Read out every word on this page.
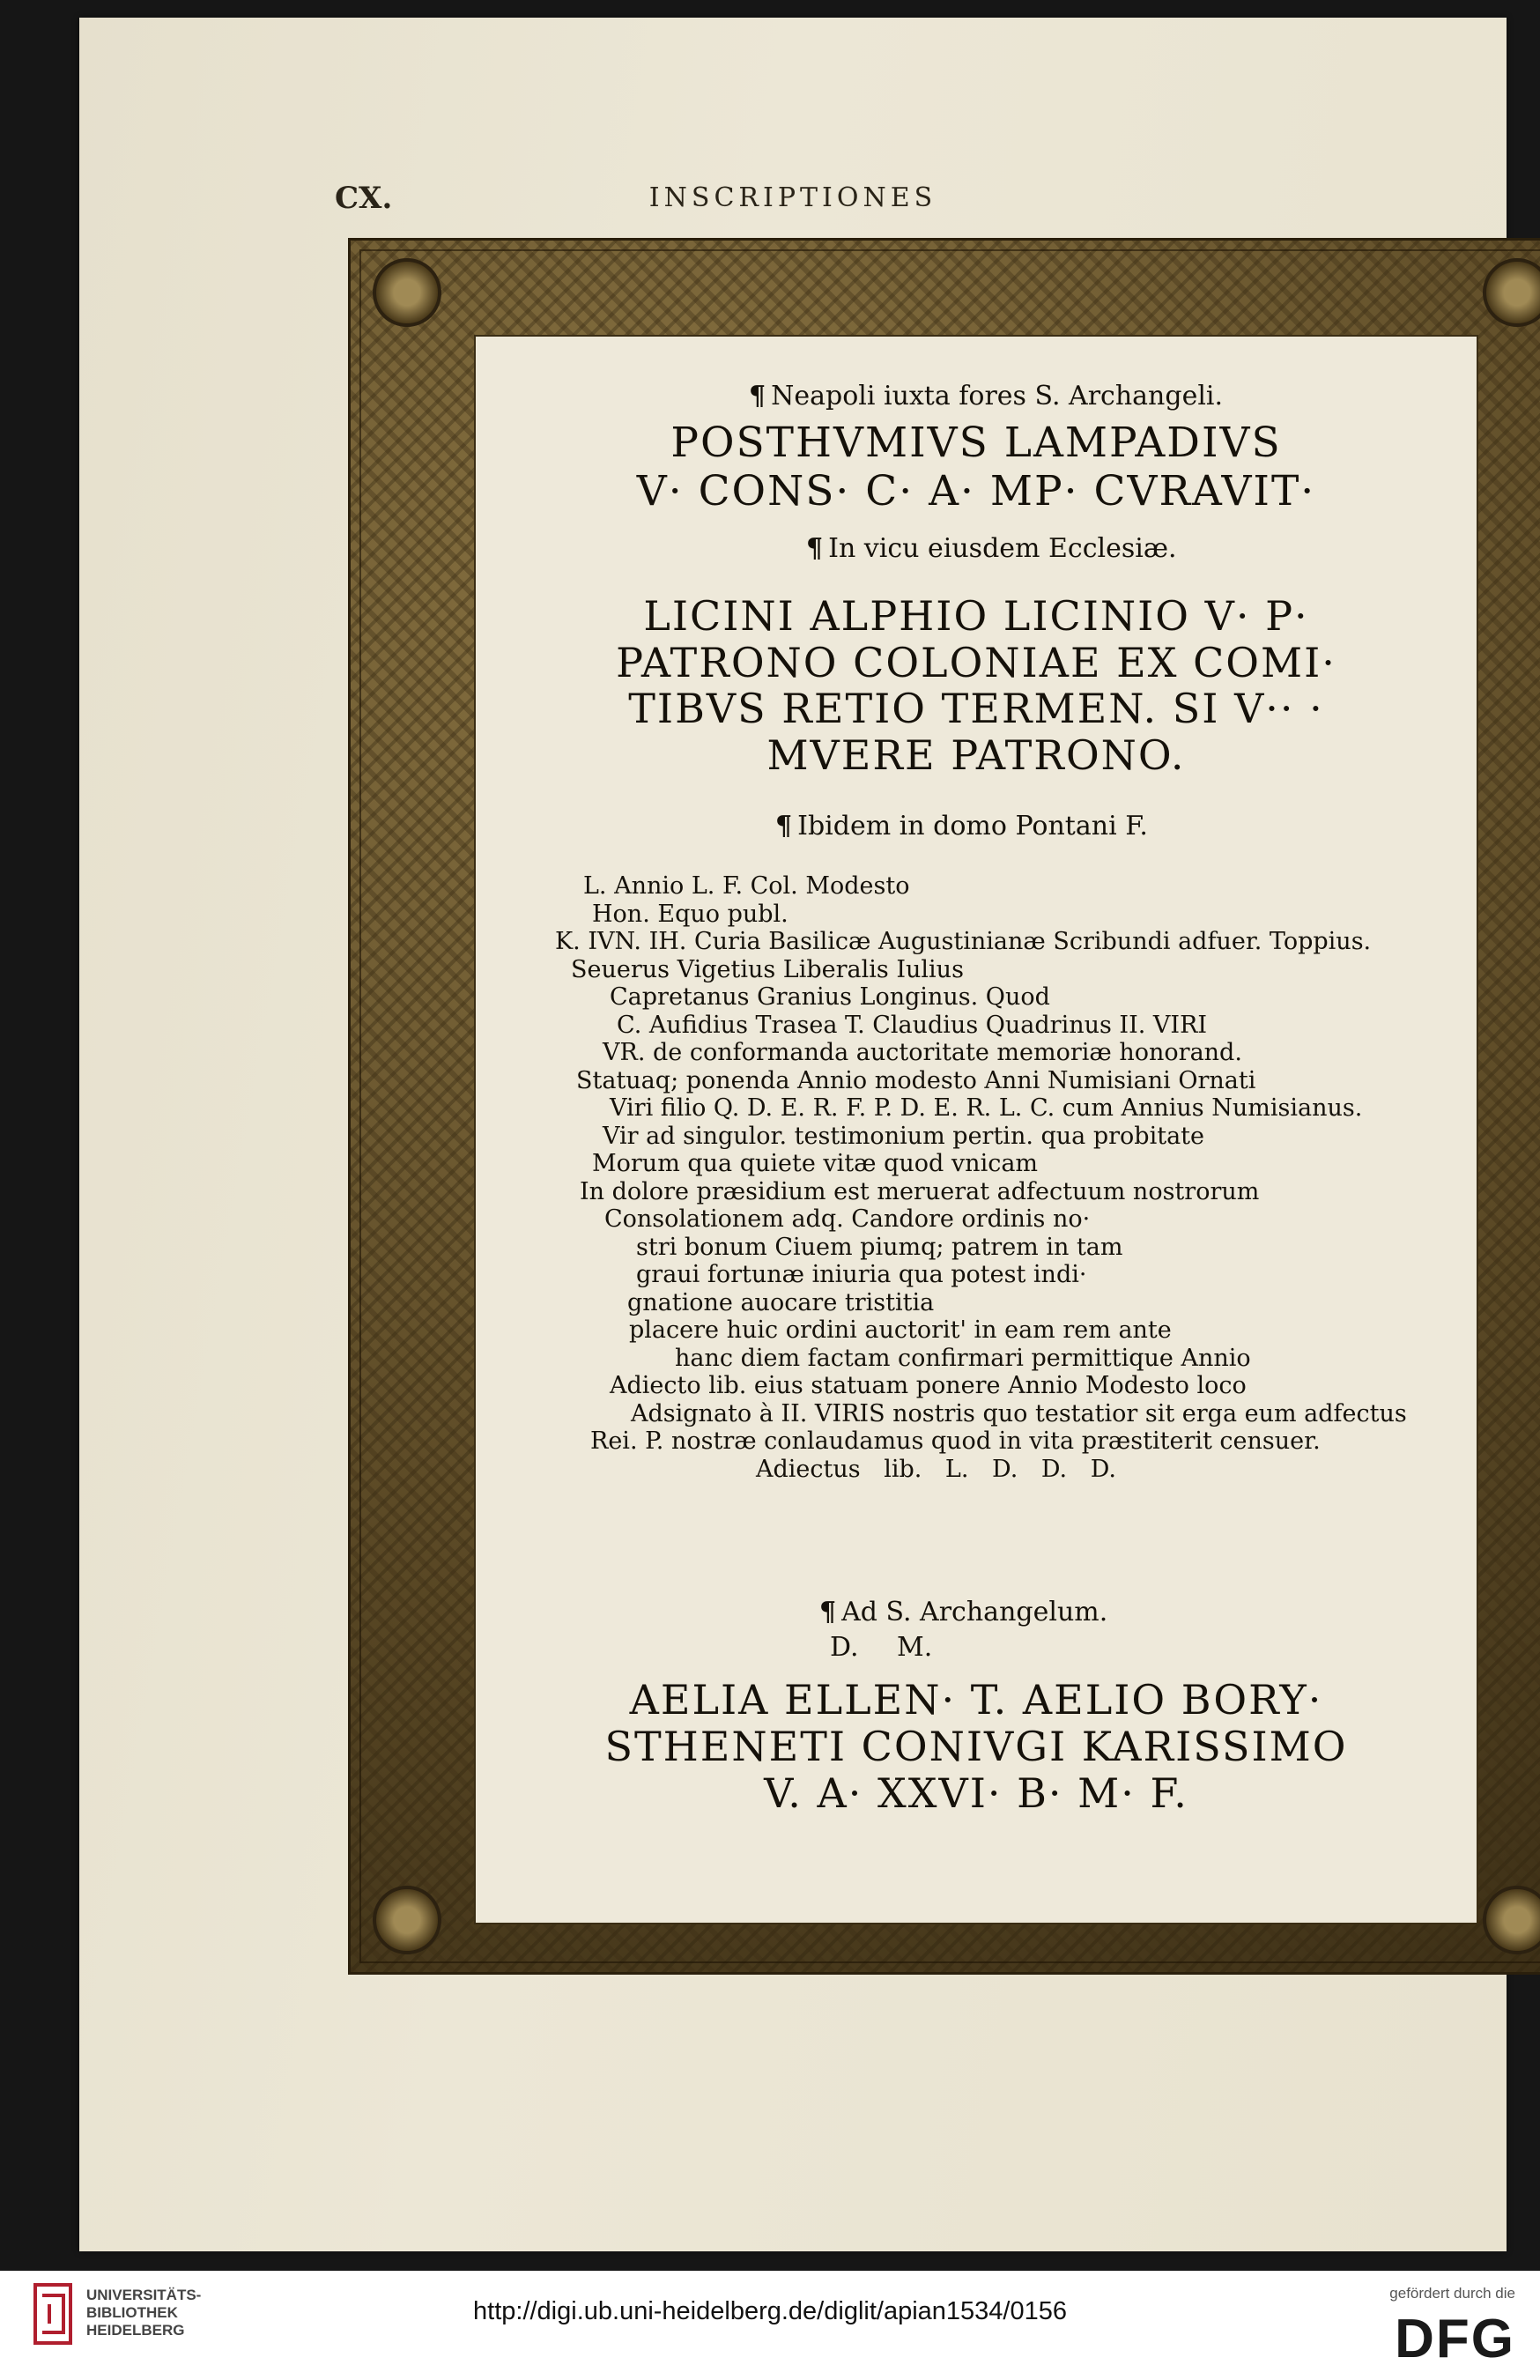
CX.	INSCRIPTIONES
¶ Neapoli iuxta fores S. Archangeli.
POSTHVMIVS LAMPADIVS
V· CONS· C· A· MP· CVRAVIT·
¶ In vicu eiusdem Ecclesiæ.
LICINI ALPHIO LICINIO V· P·
PATRONO COLONIAE EX COMI·
TIBVS RETIO TERMEN. SI V·· ·
MVERE PATRONO.
¶ Ibidem in domo Pontani F.
L. Annio L. F. Col. Modesto
Hon. Equo publ.
K. IVN. IH. Curia Basilicæ Augustinianæ Scribundi adfuer. Toppius.
Seuerus Vigetius Liberalis Iulius
Capretanus Granius Longinus. Quod
C. Aufidius Trasea T. Claudius Quadrinus II. VIRI
VR. de conformanda auctoritate memoriæ honorand.
Statuaq; ponenda Annio modesto Anni Numisiani Ornati
Viri filio Q. D. E. R. F. P. D. E. R. L. C. cum Annius Numisianus.
Vir ad singulor. testimonium pertin. qua probitate
Morum qua quiete vitæ quod vnicam
In dolore præsidium est meruerat adfectuum nostrorum
Consolationem adq. Candore ordinis no·
stri bonum Ciuem piumq; patrem in tam
graui fortunæ iniuria qua potest indi·
gnatione auocare tristitia
placere huic ordini auctorit' in eam rem ante
hanc diem factam confirmari permittique Annio
Adiecto lib. eius statuam ponere Annio Modesto loco
Adsignato à II. VIRIS nostris quo testatior sit erga eum adfectus
Rei. P. nostræ conlaudamus quod in vita præstiterit censuer.
Adiectus lib. L. D. D. D.
¶ Ad S. Archangelum.
D. M.
AELIA ELLEN· T. AELIO BORY·
STHENETI CONIVGI KARISSIMO
V. A· XXVI· B· M· F.
UNIVERSITÄTS-
BIBLIOTHEK
HEIDELBERG
http://digi.ub.uni-heidelberg.de/diglit/apian1534/0156
gefördert durch die
DFG
